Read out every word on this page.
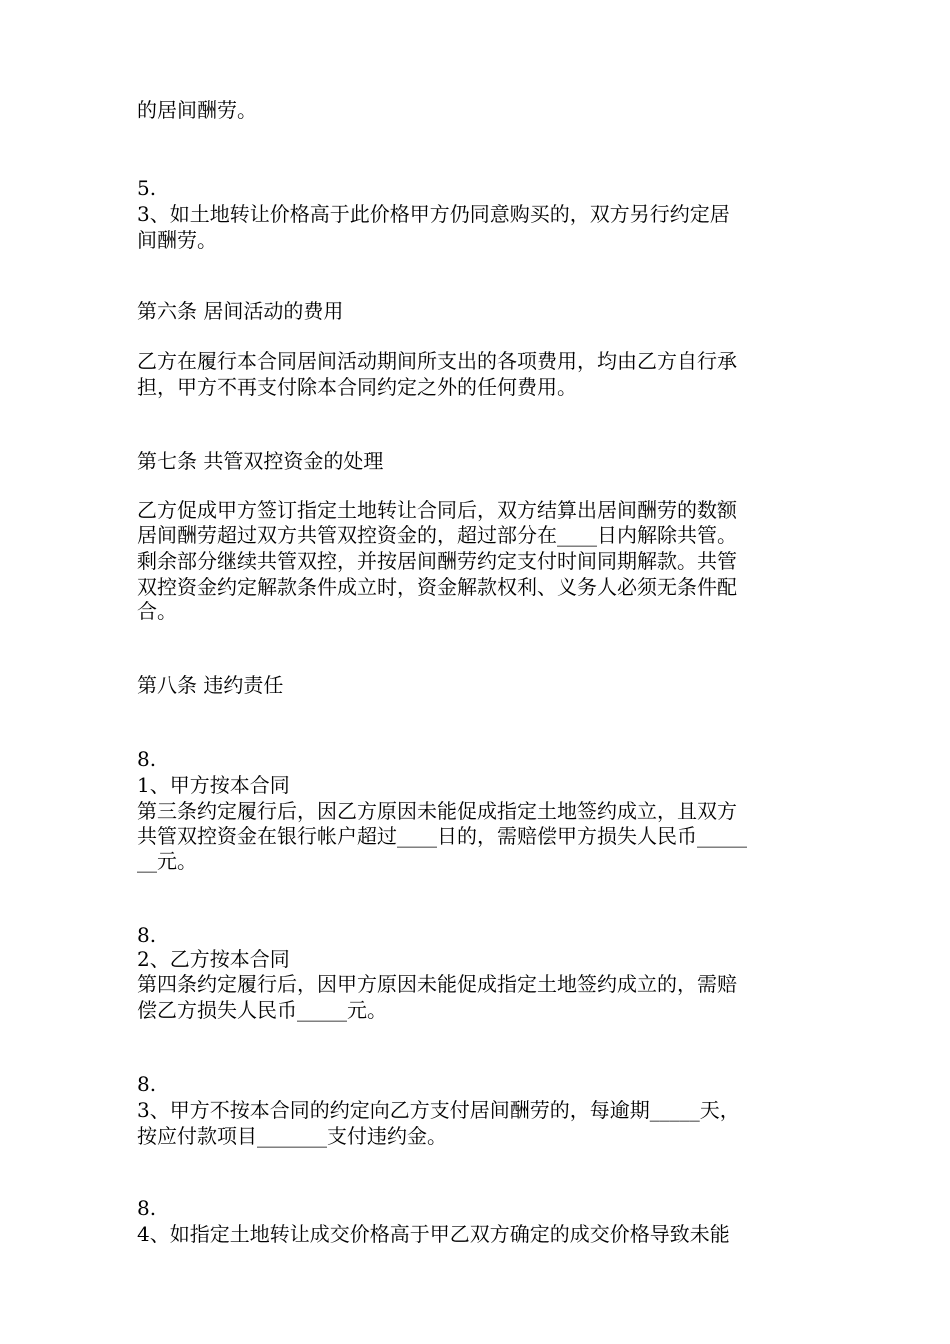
的居间酬劳。
5.
3、如土地转让价格高于此价格甲方仍同意购买的，双方另行约定居
间酬劳。
第六条 居间活动的费用
乙方在履行本合同居间活动期间所支出的各项费用，均由乙方自行承
担，甲方不再支付除本合同约定之外的任何费用。
第七条 共管双控资金的处理
乙方促成甲方签订指定土地转让合同后，双方结算出居间酬劳的数额
居间酬劳超过双方共管双控资金的，超过部分在____日内解除共管。
剩余部分继续共管双控，并按居间酬劳约定支付时间同期解款。共管
双控资金约定解款条件成立时，资金解款权利、义务人必须无条件配
合。
第八条 违约责任
8.
1、甲方按本合同
第三条约定履行后，因乙方原因未能促成指定土地签约成立，且双方
共管双控资金在银行帐户超过____日的，需赔偿甲方损失人民币_____
__元。
8.
2、乙方按本合同
第四条约定履行后，因甲方原因未能促成指定土地签约成立的，需赔
偿乙方损失人民币_____元。
8.
3、甲方不按本合同的约定向乙方支付居间酬劳的，每逾期_____天，
按应付款项目_______支付违约金。
8.
4、如指定土地转让成交价格高于甲乙双方确定的成交价格导致未能
